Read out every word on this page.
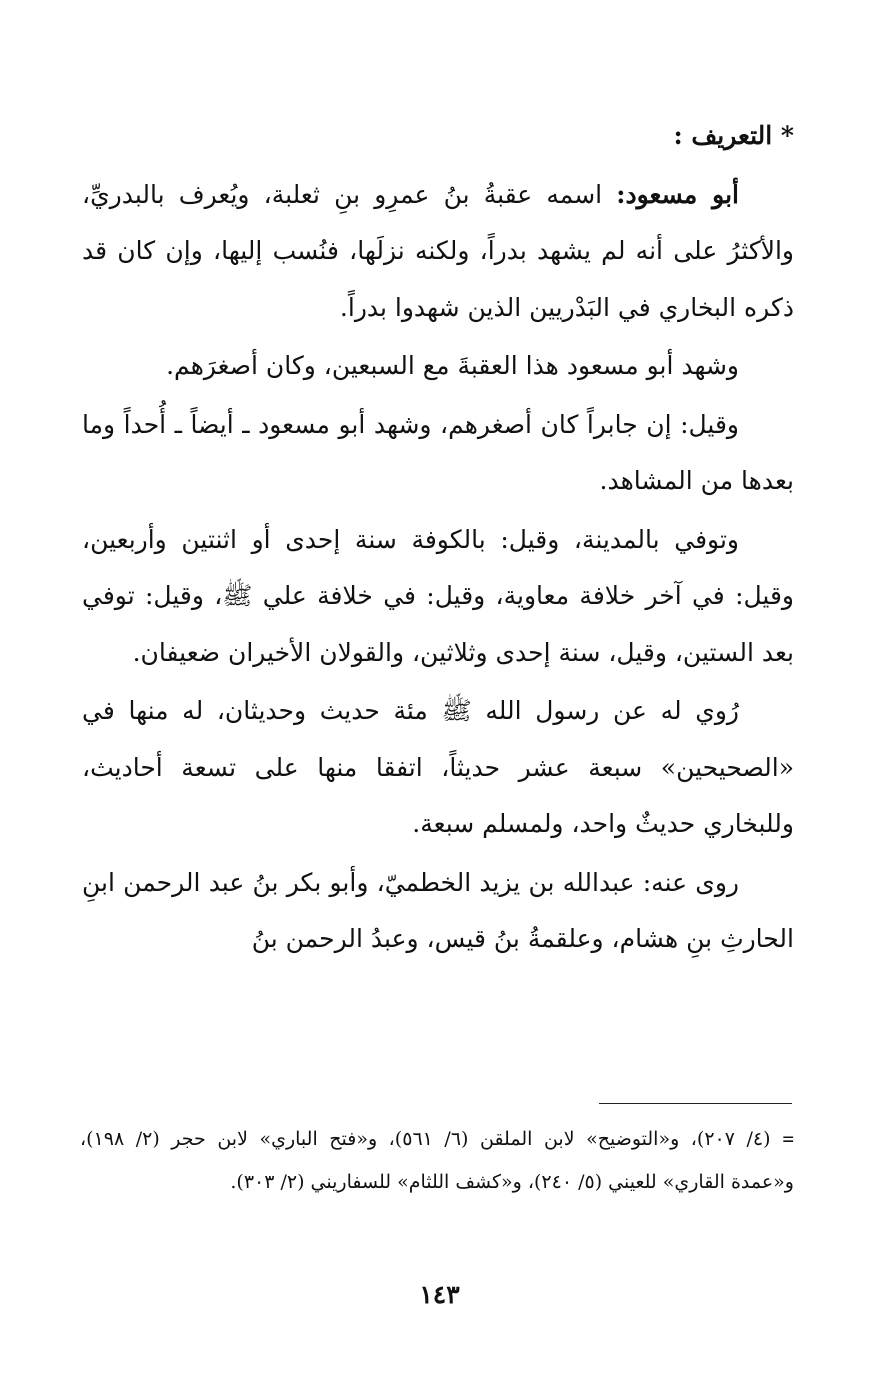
* التعريف :

أبو مسعود: اسمه عقبةُ بنُ عمرِو بنِ ثعلبة، ويُعرف بالبدريِّ، والأكثرُ على أنه لم يشهد بدراً، ولكنه نزلَها، فنُسب إليها، وإن كان قد ذكره البخاري في البَدْريين الذين شهدوا بدراً.

وشهد أبو مسعود هذا العقبةَ مع السبعين، وكان أصغرَهم.

وقيل: إن جابراً كان أصغرهم، وشهد أبو مسعود ـ أيضاً ـ أُحداً وما بعدها من المشاهد.

وتوفي بالمدينة، وقيل: بالكوفة سنة إحدى أو اثنتين وأربعين، وقيل: في آخر خلافة معاوية، وقيل: في خلافة علي ﷺ، وقيل: توفي بعد الستين، وقيل، سنة إحدى وثلاثين، والقولان الأخيران ضعيفان.

رُوي له عن رسول الله ﷺ مئة حديث وحديثان، له منها في «الصحيحين» سبعة عشر حديثاً، اتفقا منها على تسعة أحاديث، وللبخاري حديثٌ واحد، ولمسلم سبعة.

روى عنه: عبدالله بن يزيد الخطميّ، وأبو بكر بنُ عبد الرحمن ابنِ الحارثِ بنِ هشام، وعلقمةُ بنُ قيس، وعبدُ الرحمن بنُ

=(٤/ ٢٠٧)، و«التوضيح» لابن الملقن (٦/ ٥٦١)، و«فتح الباري» لابن حجر (٢/ ١٩٨)، و«عمدة القاري» للعيني (٥/ ٢٤٠)، و«كشف اللثام» للسفاريني (٢/ ٣٠٣).
١٤٣
